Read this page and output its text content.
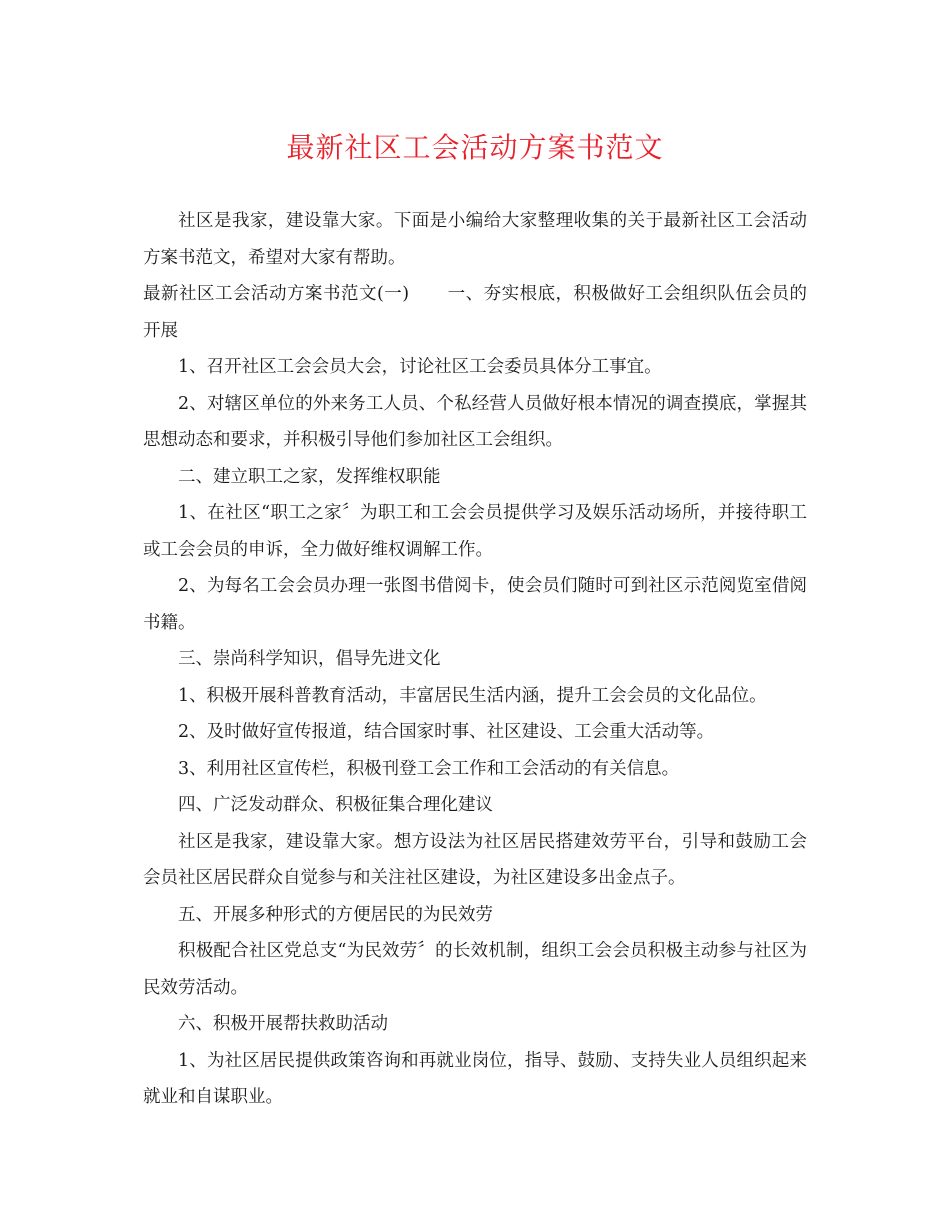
最新社区工会活动方案书范文

社区是我家，建设靠大家。下面是小编给大家整理收集的关于最新社区工会活动方案书范文，希望对大家有帮助。

最新社区工会活动方案书范文(一) 一、夯实根底，积极做好工会组织队伍会员的开展

1、召开社区工会会员大会，讨论社区工会委员具体分工事宜。

2、对辖区单位的外来务工人员、个私经营人员做好根本情况的调查摸底，掌握其思想动态和要求，并积极引导他们参加社区工会组织。

二、建立职工之家，发挥维权职能

1、在社区“职工之家〞为职工和工会会员提供学习及娱乐活动场所，并接待职工或工会会员的申诉，全力做好维权调解工作。

2、为每名工会会员办理一张图书借阅卡，使会员们随时可到社区示范阅览室借阅书籍。

三、崇尚科学知识，倡导先进文化

1、积极开展科普教育活动，丰富居民生活内涵，提升工会会员的文化品位。

2、及时做好宣传报道，结合国家时事、社区建设、工会重大活动等。

3、利用社区宣传栏，积极刊登工会工作和工会活动的有关信息。

四、广泛发动群众、积极征集合理化建议

社区是我家，建设靠大家。想方设法为社区居民搭建效劳平台，引导和鼓励工会会员社区居民群众自觉参与和关注社区建设，为社区建设多出金点子。

五、开展多种形式的方便居民的为民效劳

积极配合社区党总支“为民效劳〞的长效机制，组织工会会员积极主动参与社区为民效劳活动。

六、积极开展帮扶救助活动

1、为社区居民提供政策咨询和再就业岗位，指导、鼓励、支持失业人员组织起来就业和自谋职业。
